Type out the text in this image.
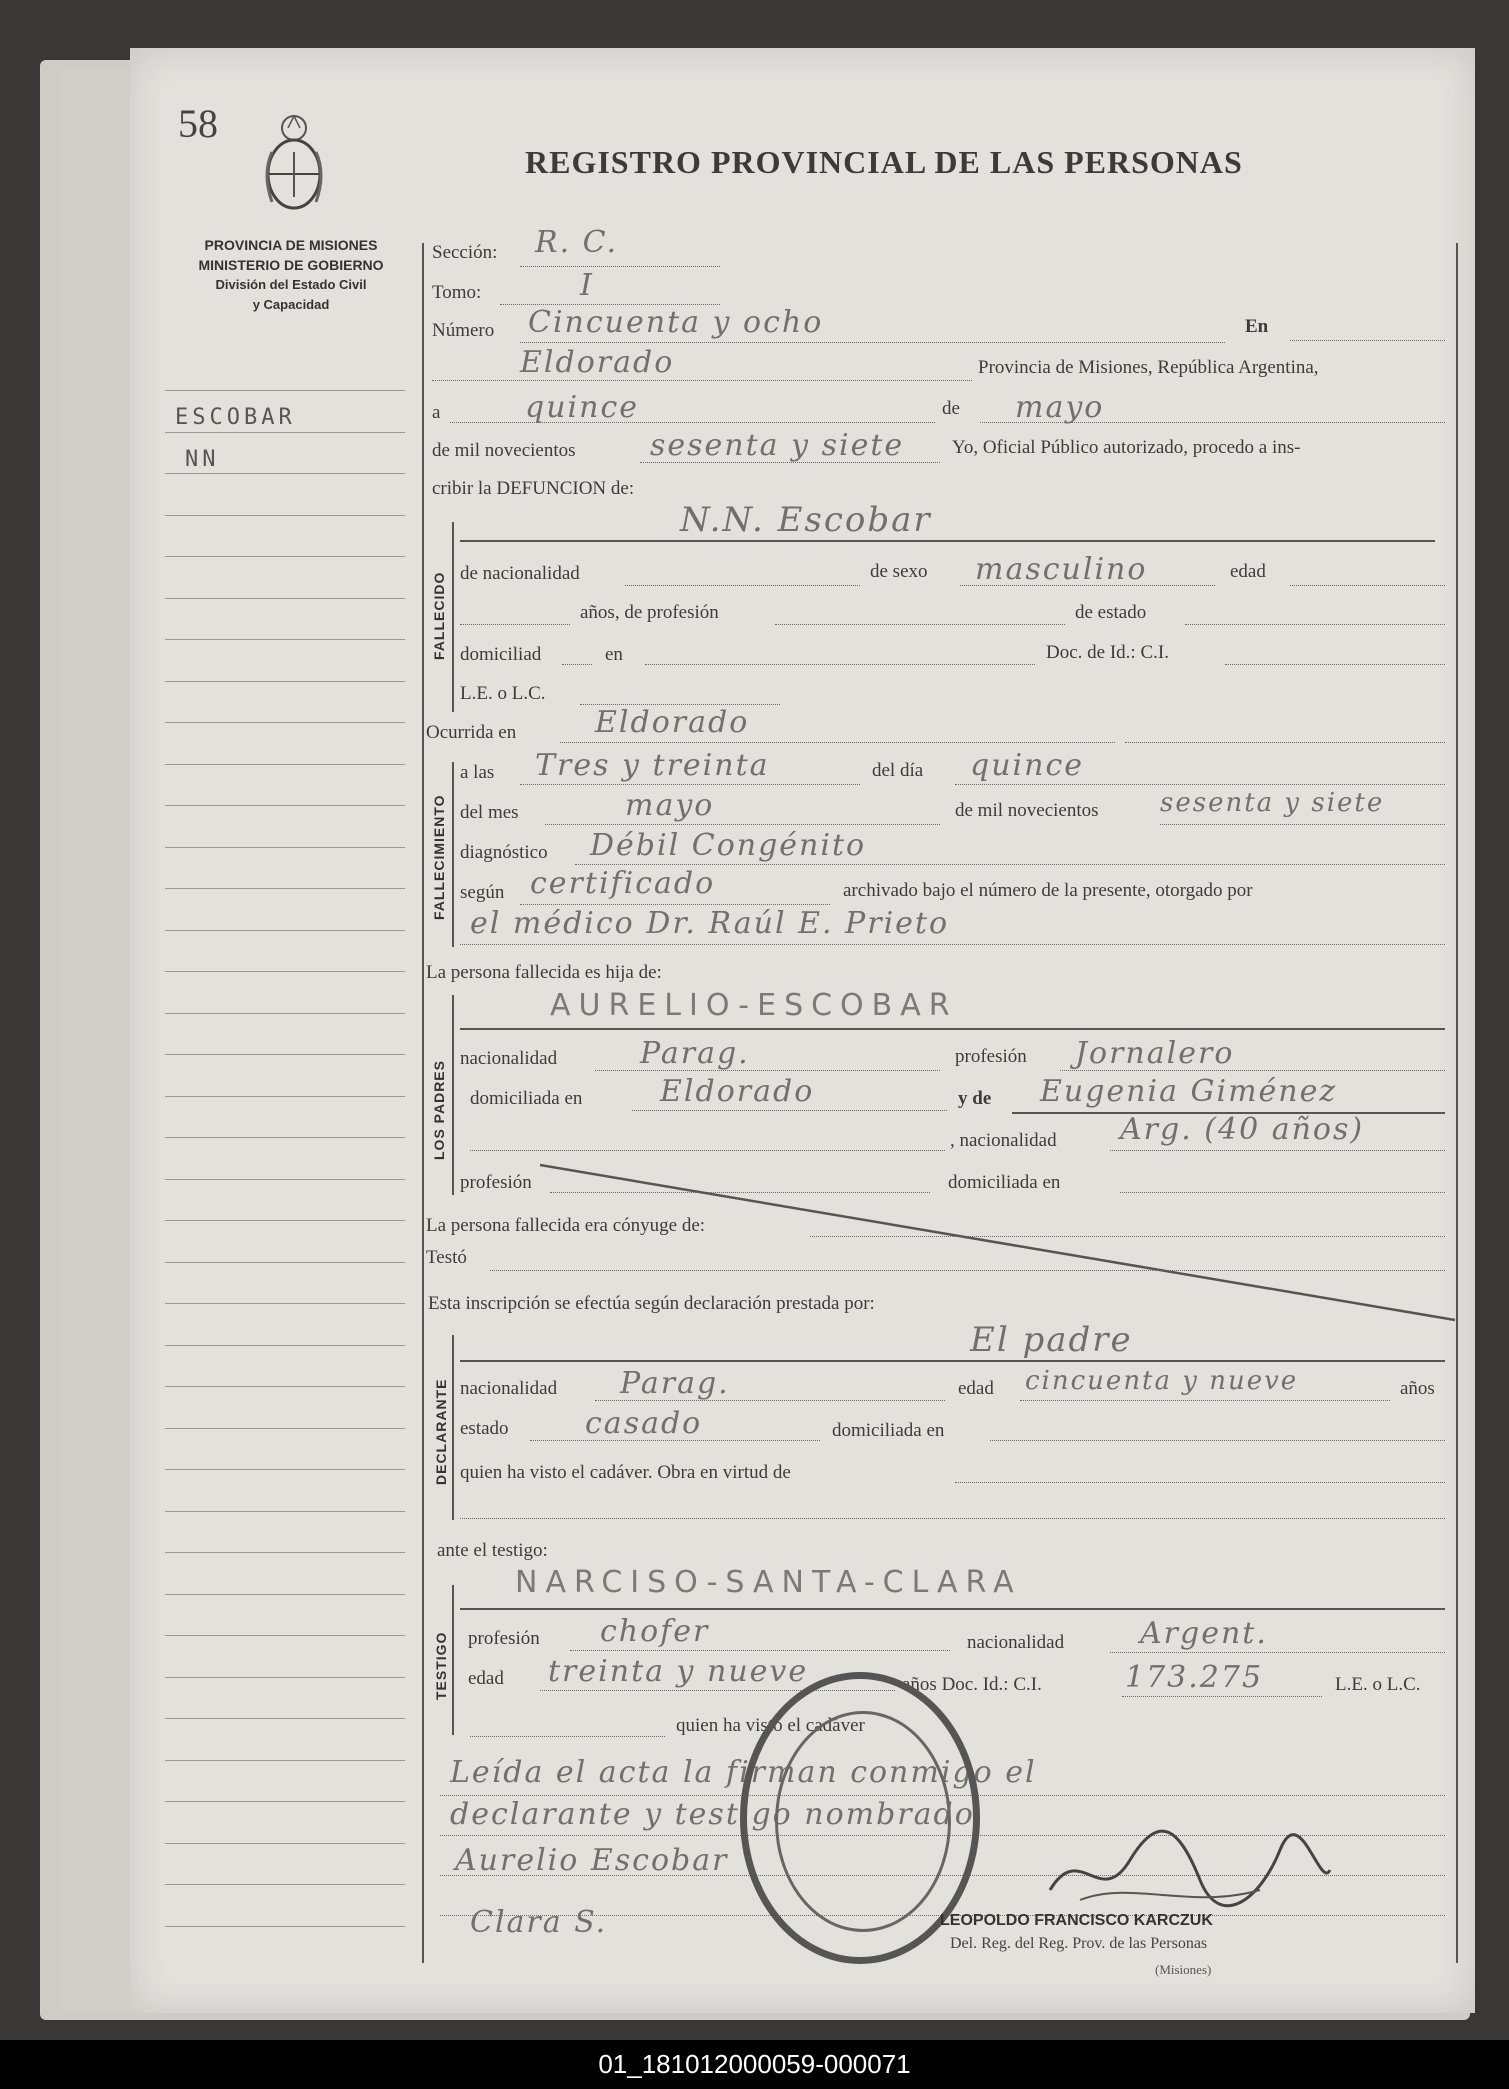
58
REGISTRO PROVINCIAL DE LAS PERSONAS
PROVINCIA DE MISIONES
MINISTERIO DE GOBIERNO
División del Estado Civil
y Capacidad
ESCOBAR
NN
Sección: R. C.
Tomo:	I
Número Cincuenta y ocho	En
Eldorado	Provincia de Misiones, República Argentina,
a	quince	de mayo
de mil novecientos sesenta y siete	Yo, Oficial Público autorizado, procedo a ins-
cribir la DEFUNCION de:
FALLECIDO
N.N. Escobar
de nacionalidad	de sexo masculino	edad
años, de profesión	de estado
domiciliad	en	Doc. de Id.: C.I.
L.E. o L.C.
Ocurrida en	Eldorado
FALLECIMIENTO
a las Tres y treinta	del día quince
del mes	mayo	de mil novecientos sesenta y siete
diagnóstico Débil Congénito
según certificado	archivado bajo el número de la presente, otorgado por
el médico Dr. Raúl E. Prieto
La persona fallecida es hija de:
LOS PADRES
AURELIO-ESCOBAR
nacionalidad	Parag.	profesión Jornalero
domiciliada en	Eldorado	y de Eugenia Giménez
, nacionalidad Arg. (40 años)
profesión	domiciliada en
La persona fallecida era cónyuge de:
Testó
Esta inscripción se efectúa según declaración prestada por:
DECLARANTE
El padre
nacionalidad Parag.	edad cincuenta y nueve	años
estado	casado	domiciliada en
quien ha visto el cadáver. Obra en virtud de
ante el testigo:
TESTIGO
NARCISO-SANTA-CLARA
profesión chofer	nacionalidad	Argent.
edad treinta y nueve	años Doc. Id.: C.I.	173.275	L.E. o L.C.
quien ha visto el cadáver
Leída el acta la firman conmigo el
declarante y testigo nombrado
Aurelio Escobar
Clara S.	LEOPOLDO FRANCISCO KARCZUK
Del. Reg. del Reg. Prov. de las Personas
(Misiones)
01_181012000059-000071
